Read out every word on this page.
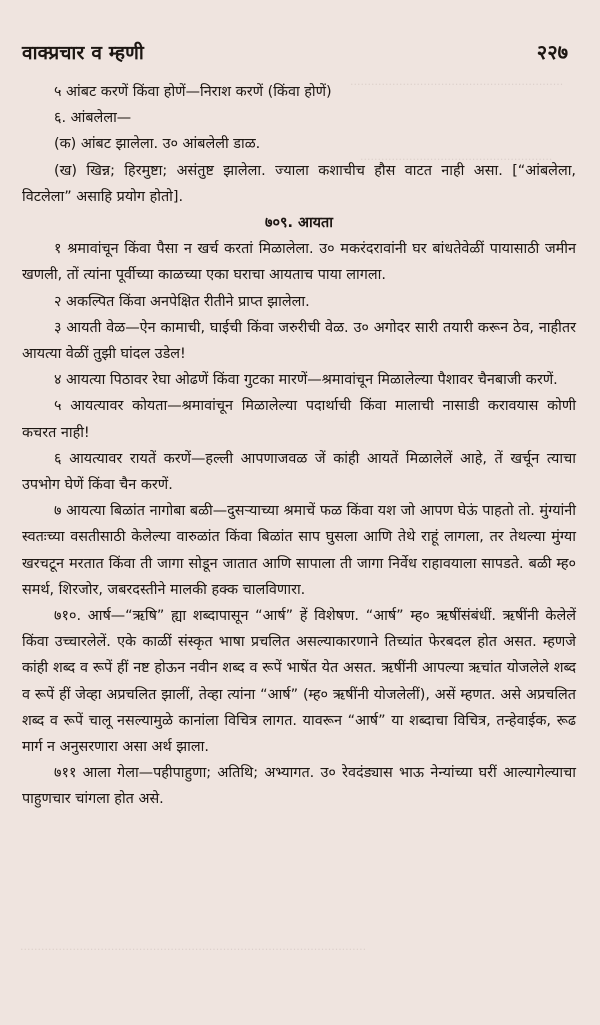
.............................................................
.......................................................
...................................................................................................
वाक्प्रचार व म्हणी	२२७

५ आंबट करणें किंवा होणें—निराश करणें (किंवा होणें)

६. आंबलेला—

(क) आंबट झालेला. उ० आंबलेली डाळ.

(ख) खिन्न; हिरमुष्टा; असंतुष्ट झालेला. ज्याला कशाचीच हौस वाटत नाही असा. [“आंबलेला, विटलेला” असाहि प्रयोग होतो].

७०९. आयता

१ श्रमावांचून किंवा पैसा न खर्च करतां मिळालेला. उ० मकरंदरावांनी घर बांधतेवेळीं पायासाठी जमीन खणली, तों त्यांना पूर्वीच्या काळच्या एका घराचा आयताच पाया लागला.

२ अकल्पित किंवा अनपेक्षित रीतीने प्राप्त झालेला.

३ आयती वेळ—ऐन कामाची, घाईची किंवा जरुरीची वेळ. उ० अगोदर सारी तयारी करून ठेव, नाहीतर आयत्या वेळीं तुझी घांदल उडेल!

४ आयत्या पिठावर रेघा ओढणें किंवा गुटका मारणें—श्रमावांचून मिळालेल्या पैशावर चैनबाजी करणें.

५ आयत्यावर कोयता—श्रमावांचून मिळालेल्या पदार्थाची किंवा मालाची नासाडी करावयास कोणी कचरत नाही!

६ आयत्यावर रायतें करणें—हल्ली आपणाजवळ जें कांही आयतें मिळालेलें आहे, तें खर्चून त्याचा उपभोग घेणें किंवा चैन करणें.

७ आयत्या बिळांत नागोबा बळी—दुसऱ्याच्या श्रमाचें फळ किंवा यश जो आपण घेऊं पाहतो तो. मुंग्यांनी स्वतःच्या वसतीसाठी केलेल्या वारुळांत किंवा बिळांत साप घुसला आणि तेथे राहूं लागला, तर तेथल्या मुंग्या खरचटून मरतात किंवा ती जागा सोडून जातात आणि सापाला ती जागा निर्वेध राहावयाला सापडते. बळी म्ह० समर्थ, शिरजोर, जबरदस्तीने मालकी हक्क चालविणारा.

७१०. आर्ष—“ऋषि” ह्या शब्दापासून “आर्ष” हें विशेषण. “आर्ष” म्ह० ऋषींसंबंधीं. ऋषींनी केलेलें किंवा उच्चारलेलें. एके काळीं संस्कृत भाषा प्रचलित असल्याकारणाने तिच्यांत फेरबदल होत असत. म्हणजे कांही शब्द व रूपें हीं नष्ट होऊन नवीन शब्द व रूपें भाषेंत येत असत. ऋषींनी आपल्या ऋचांत योजलेले शब्द व रूपें हीं जेव्हा अप्रचलित झालीं, तेव्हा त्यांना “आर्ष” (म्ह० ऋषींनी योजलेलीं), असें म्हणत. असे अप्रचलित शब्द व रूपें चालू नसल्यामुळे कानांला विचित्र लागत. यावरून “आर्ष” या शब्दाचा विचित्र, तन्हेवाईक, रूढ मार्ग न अनुसरणारा असा अर्थ झाला.

७११ आला गेला—पहीपाहुणा; अतिथि; अभ्यागत. उ० रेवदंड्यास भाऊ नेन्यांच्या घरीं आल्यागेल्याचा पाहुणचार चांगला होत असे.
